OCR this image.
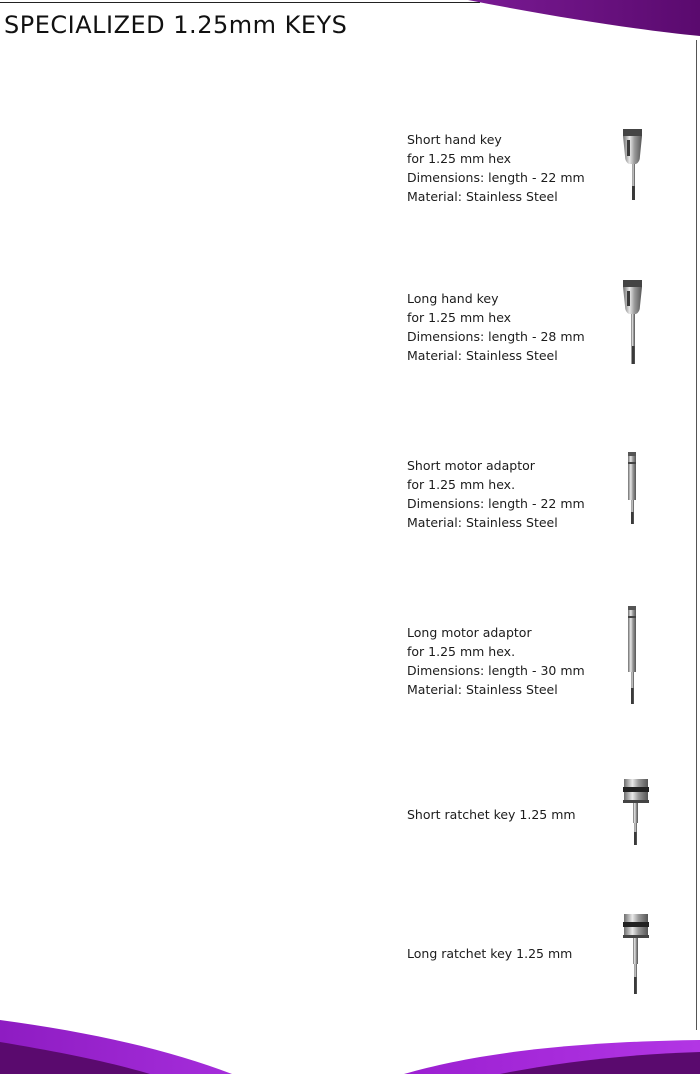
SPECIALIZED 1.25mm KEYS
Short hand key
for 1.25 mm hex
Dimensions: length - 22 mm
Material: Stainless Steel
Long hand key
for 1.25 mm hex
Dimensions: length - 28 mm
Material: Stainless Steel
Short motor adaptor
for 1.25 mm hex.
Dimensions: length - 22 mm
Material: Stainless Steel
Long motor adaptor
for 1.25 mm hex.
Dimensions: length - 30 mm
Material: Stainless Steel
Short ratchet key 1.25 mm
Long ratchet key 1.25 mm
